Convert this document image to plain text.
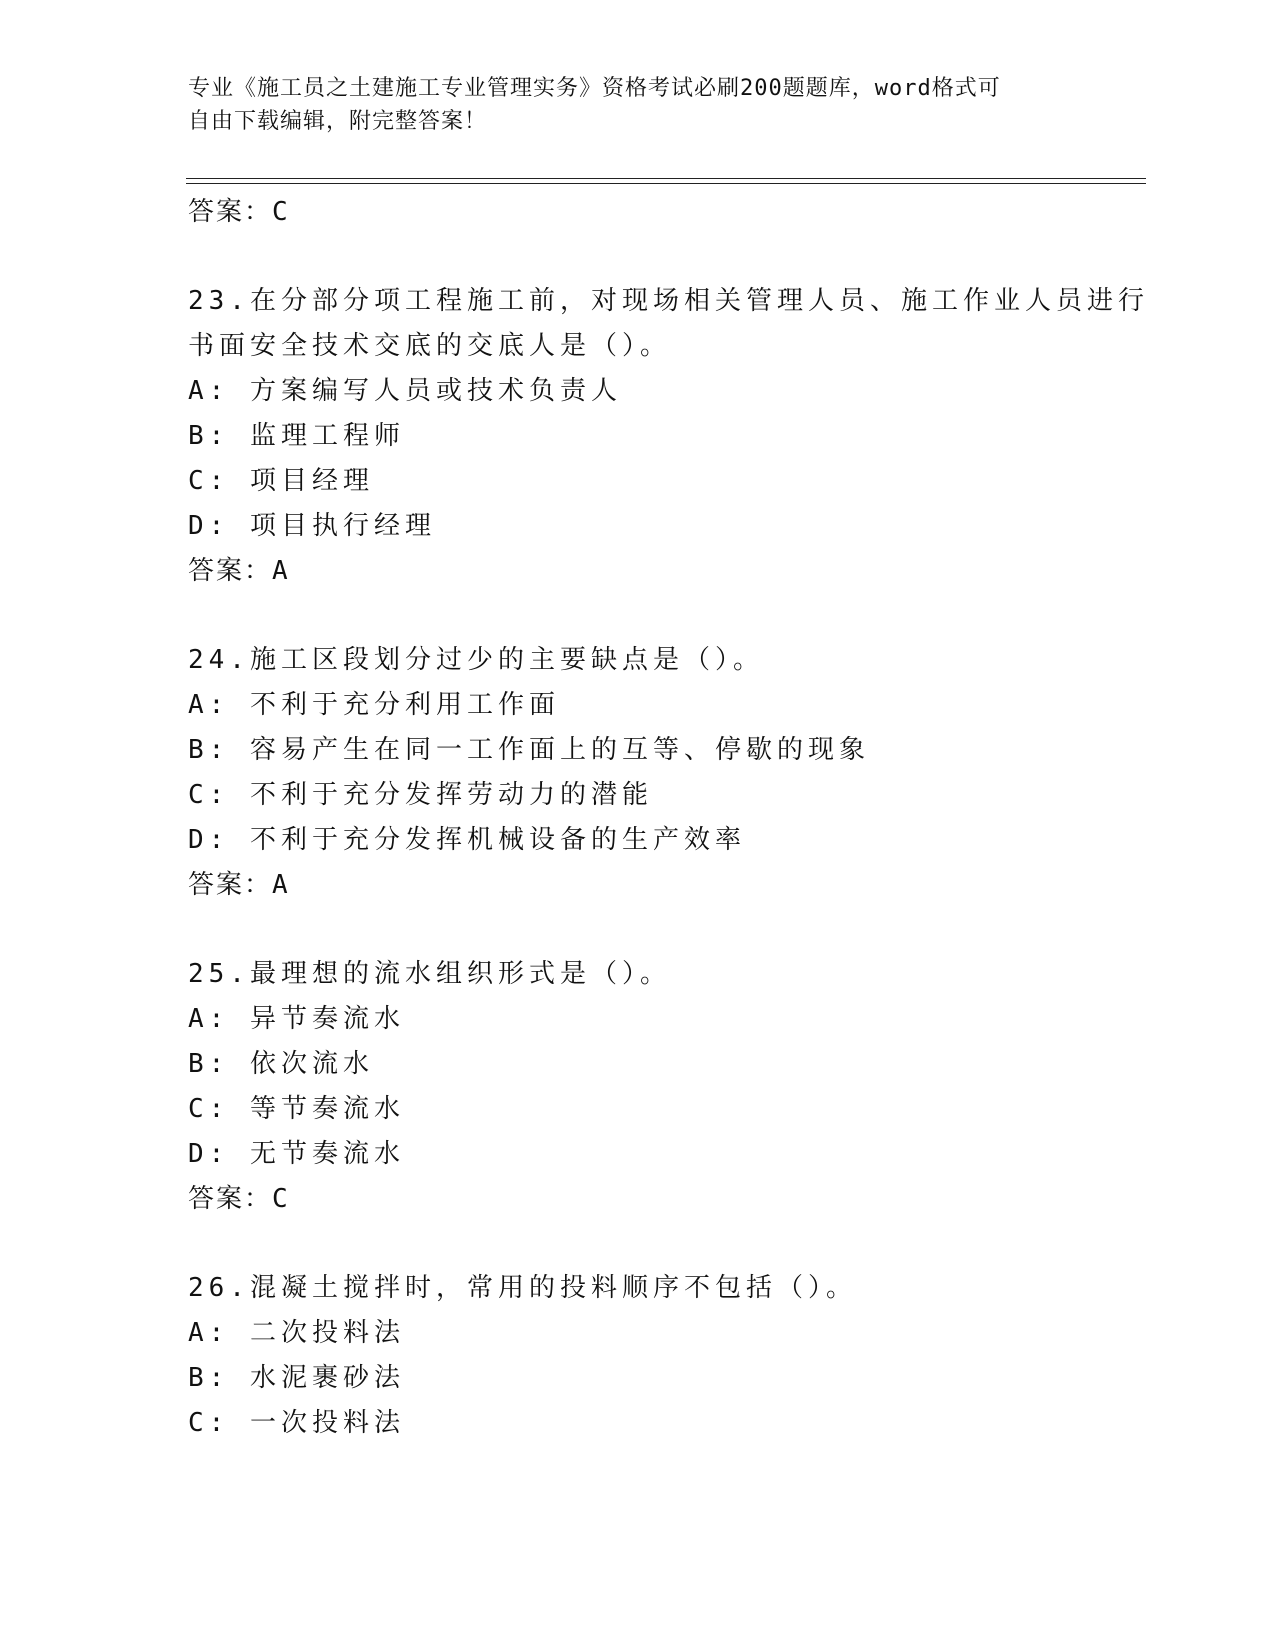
专业《施工员之土建施工专业管理实务》资格考试必刷200题题库，word格式可
自由下载编辑，附完整答案！
答案：C
23.在分部分项工程施工前，对现场相关管理人员、施工作业人员进行
书面安全技术交底的交底人是（）。
A: 方案编写人员或技术负责人
B: 监理工程师
C: 项目经理
D: 项目执行经理
答案：A
24.施工区段划分过少的主要缺点是（）。
A: 不利于充分利用工作面
B: 容易产生在同一工作面上的互等、停歇的现象
C: 不利于充分发挥劳动力的潜能
D: 不利于充分发挥机械设备的生产效率
答案：A
25.最理想的流水组织形式是（）。
A: 异节奏流水
B: 依次流水
C: 等节奏流水
D: 无节奏流水
答案：C
26.混凝土搅拌时，常用的投料顺序不包括（）。
A: 二次投料法
B: 水泥裹砂法
C: 一次投料法
